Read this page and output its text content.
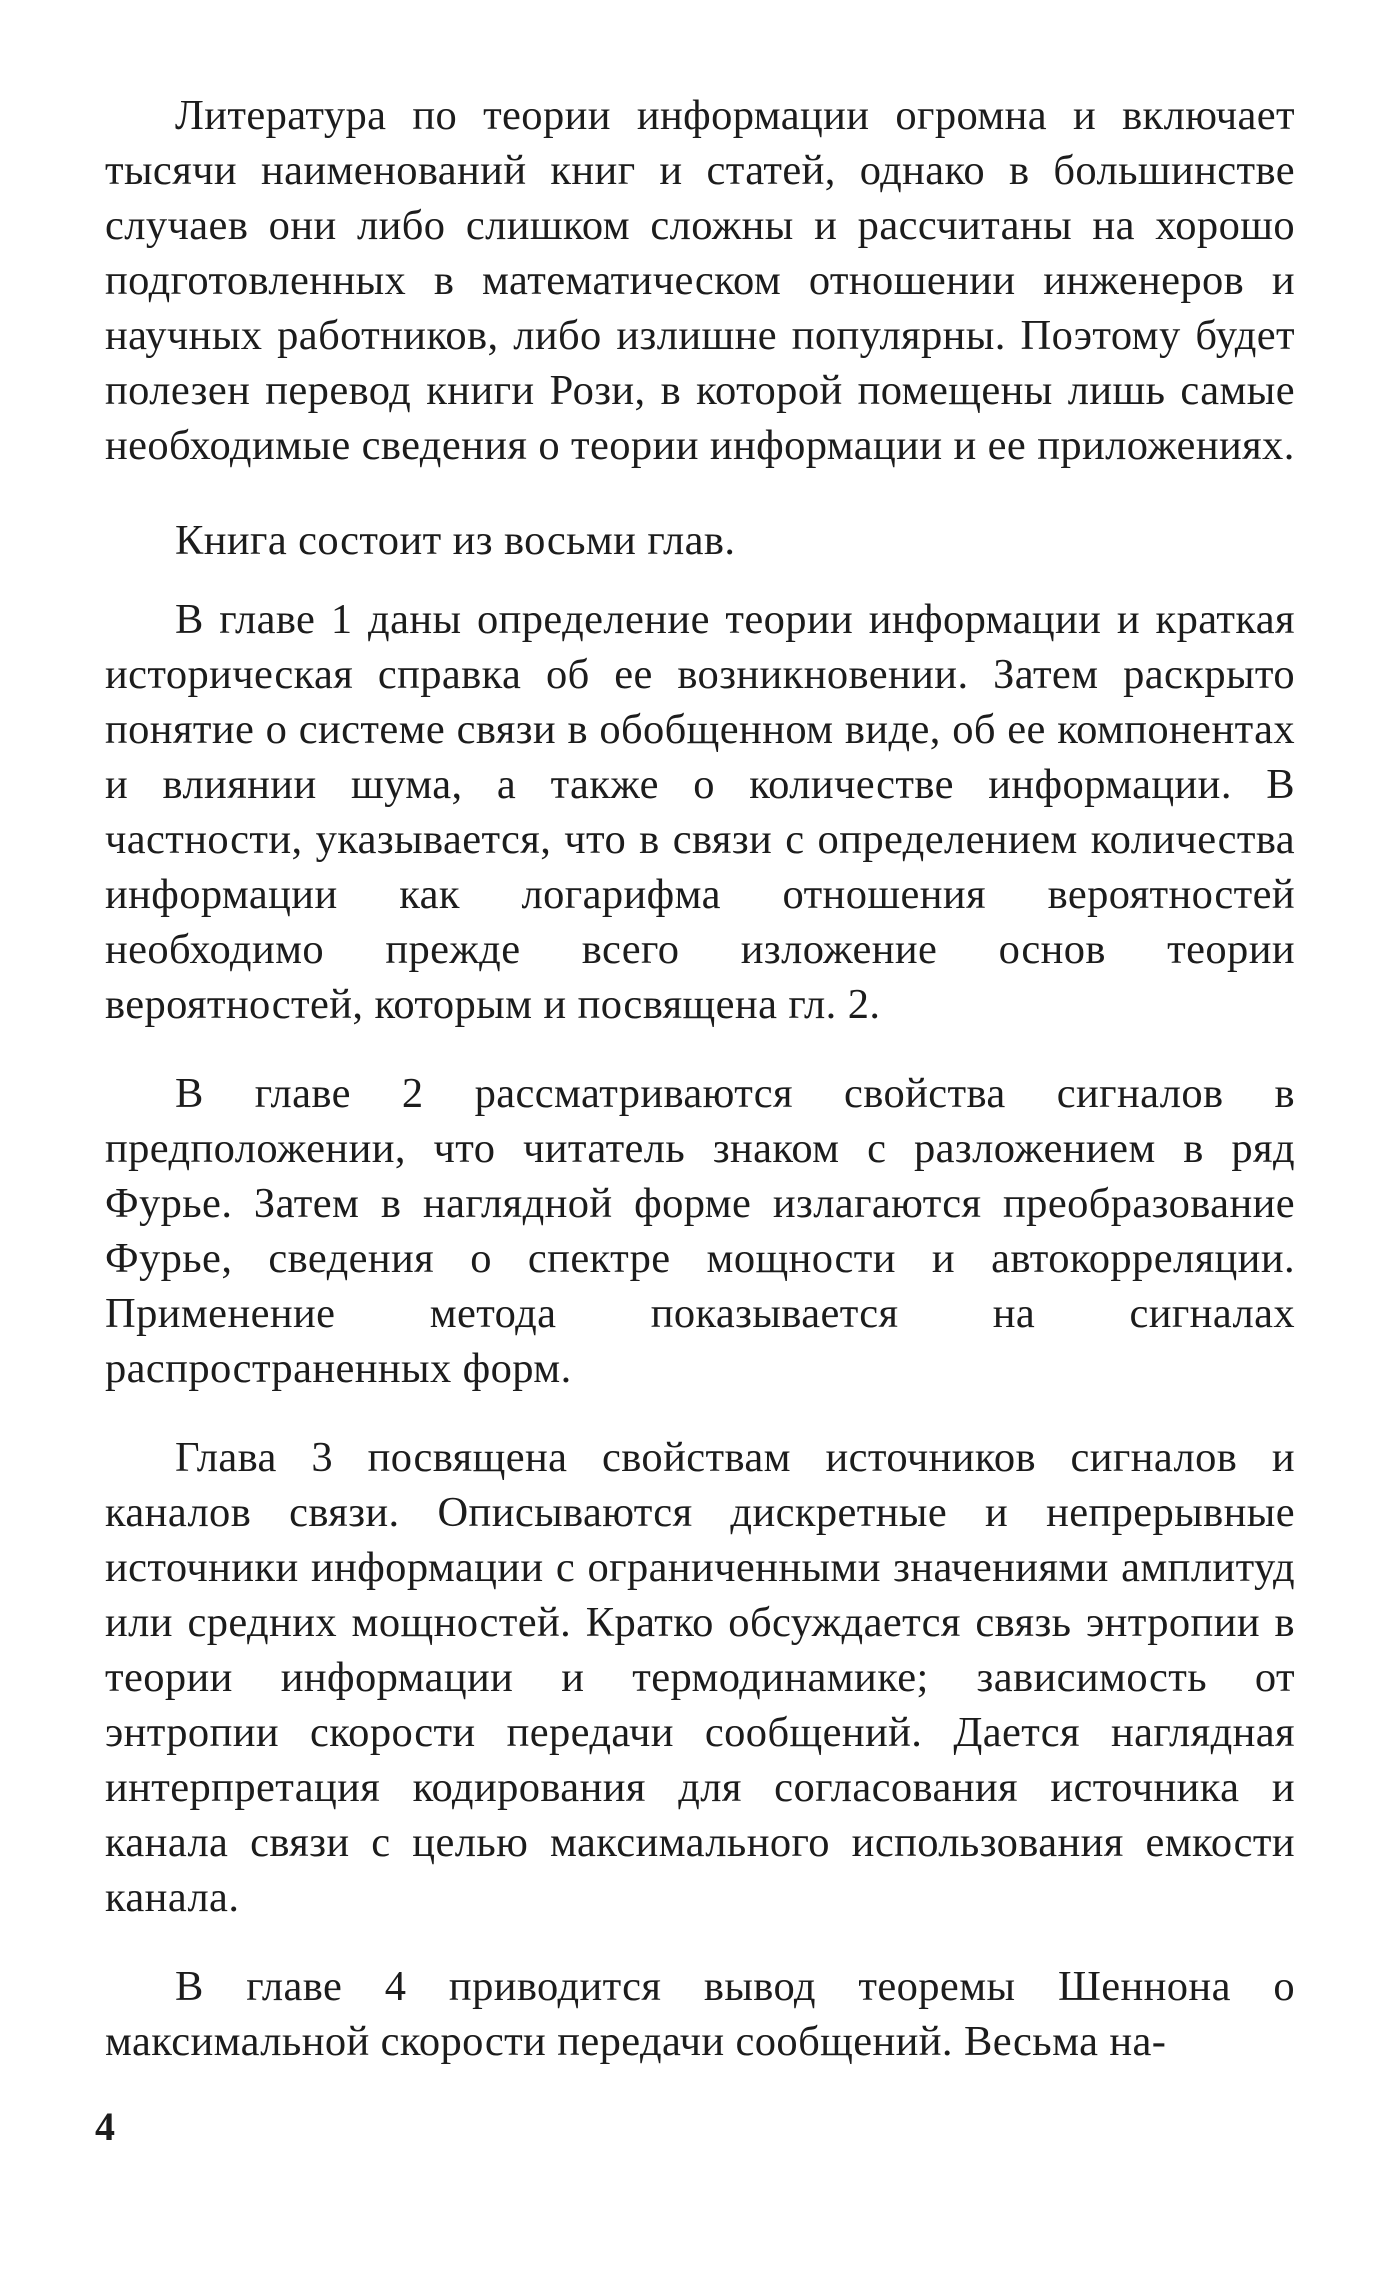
Литература по теории информации огромна и включает тысячи наименований книг и статей, однако в большинстве случаев они либо слишком сложны и рассчитаны на хорошо подготовленных в математическом отношении инженеров и научных работников, либо излишне популярны. Поэтому будет полезен перевод книги Рози, в которой помещены лишь самые необходимые сведения о теории информации и ее приложениях.

Книга состоит из восьми глав.

В главе 1 даны определение теории информации и краткая историческая справка об ее возникновении. Затем раскрыто понятие о системе связи в обобщенном виде, об ее компонентах и влиянии шума, а также о количестве информации. В частности, указывается, что в связи с определением количества информации как логарифма отношения вероятностей необходимо прежде всего изложение основ теории вероятностей, которым и посвящена гл. 2.

В главе 2 рассматриваются свойства сигналов в предположении, что читатель знаком с разложением в ряд Фурье. Затем в наглядной форме излагаются преобразование Фурье, сведения о спектре мощности и автокорреляции. Применение метода показывается на сигналах распространенных форм.

Глава 3 посвящена свойствам источников сигналов и каналов связи. Описываются дискретные и непрерывные источники информации с ограниченными значениями амплитуд или средних мощностей. Кратко обсуждается связь энтропии в теории информации и термодинамике; зависимость от энтропии скорости передачи сообщений. Дается наглядная интерпретация кодирования для согласования источника и канала связи с целью максимального использования емкости канала.

В главе 4 приводится вывод теоремы Шеннона о максимальной скорости передачи сообщений. Весьма на-

4
